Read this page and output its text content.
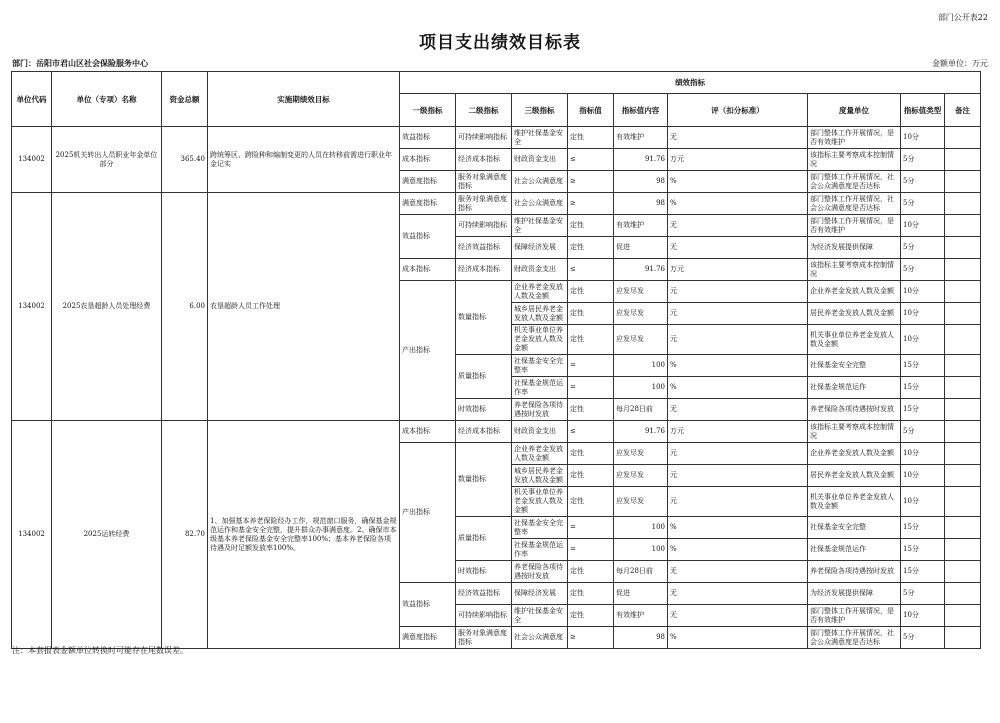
部门公开表22
项目支出绩效目标表
部门：岳阳市君山区社会保险服务中心	金额单位：万元
单位代码	单位（专项）名称	资金总额	实施期绩效目标	绩效指标								
				一级指标	二级指标	三级指标	指标值	指标值内容	评（扣分标准）	度量单位	指标值类型	备注
134002	2025机关转出人员职业年金单位部分	365.40	跨统筹区、跨险种和编制变更的人员在转移前需进行职业年金记实	效益指标	可持续影响指标	维护社保基金安全	定性	有效维护	无	部门整体工作开展情况，是否有效维护	10分	
				成本指标	经济成本指标	财政资金支出	≤	91.76	万元	该指标主要考察成本控制情况	5分	
				满意度指标	服务对象满意度指标	社会公众满意度	≥	98	%	部门整体工作开展情况，社会公众满意度是否达标	5分	
134002	2025农垦超龄人员处理经费	6.00	农垦超龄人员工作处理	满意度指标	服务对象满意度指标	社会公众满意度	≥	98	%	部门整体工作开展情况，社会公众满意度是否达标	5分	
				效益指标	可持续影响指标	维护社保基金安全	定性	有效维护	无	部门整体工作开展情况，是否有效维护	10分	
					经济效益指标	保障经济发展	定性	促进	无	为经济发展提供保障	5分	
				成本指标	经济成本指标	财政资金支出	≤	91.76	万元	该指标主要考察成本控制情况	5分	
				产出指标	数量指标	企业养老金发放人数及金额	定性	应发尽发	元	企业养老金发放人数及金额	10分	
						城乡居民养老金发放人数及金额	定性	应发尽发	元	居民养老金发放人数及金额	10分	
						机关事业单位养老金发放人数及金额	定性	应发尽发	元	机关事业单位养老金发放人数及金额	10分	
					质量指标	社保基金安全完整率	=	100	%	社保基金安全完整	15分	
						社保基金规范运作率	=	100	%	社保基金规范运作	15分	
					时效指标	养老保险各项待遇按时发放	定性	每月28日前	无	养老保险各项待遇按时发放	15分	
134002	2025运转经费	82.70	1、加强基本养老保险经办工作，规范窗口服务，确保基金规范运作和基金安全完整，提升群众办事满意度。2、确保市本级基本养老保险基金安全完整率100%；基本养老保险各项待遇及时足额发放率100%。	成本指标	经济成本指标	财政资金支出	≤	91.76	万元	该指标主要考察成本控制情况	5分	
				产出指标	数量指标	企业养老金发放人数及金额	定性	应发尽发	元	企业养老金发放人数及金额	10分	
						城乡居民养老金发放人数及金额	定性	应发尽发	元	居民养老金发放人数及金额	10分	
						机关事业单位养老金发放人数及金额	定性	应发尽发	元	机关事业单位养老金发放人数及金额	10分	
					质量指标	社保基金安全完整率	=	100	%	社保基金安全完整	15分	
						社保基金规范运作率	=	100	%	社保基金规范运作	15分	
					时效指标	养老保险各项待遇按时发放	定性	每月28日前	无	养老保险各项待遇按时发放	15分	
				效益指标	经济效益指标	保障经济发展	定性	促进	无	为经济发展提供保障	5分	
					可持续影响指标	维护社保基金安全	定性	有效维护	无	部门整体工作开展情况，是否有效维护	10分	
				满意度指标	服务对象满意度指标	社会公众满意度	≥	98	%	部门整体工作开展情况，社会公众满意度是否达标	5分	
注：本套报表金额单位转换时可能存在尾数误差。
